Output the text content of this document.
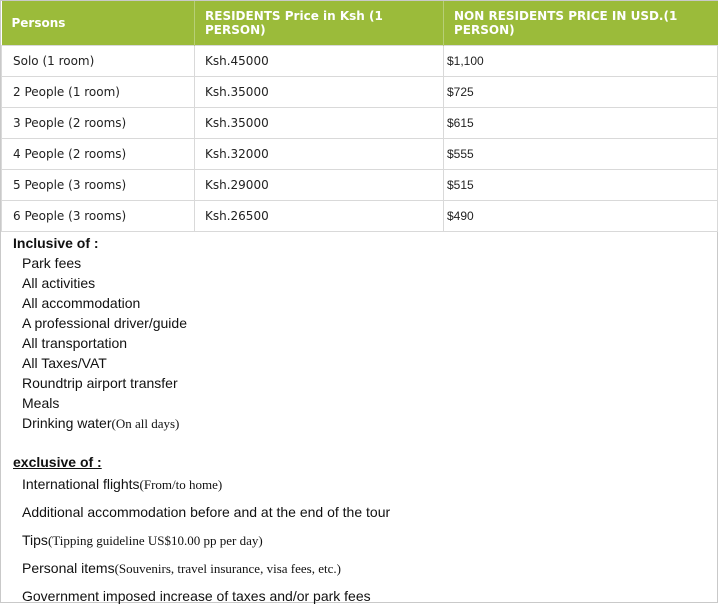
Persons	RESIDENTS Price in Ksh (1 PERSON)	NON RESIDENTS PRICE IN USD.(1 PERSON)
Solo (1 room)	Ksh.45000	$1,100
2 People (1 room)	Ksh.35000	$725
3 People (2 rooms)	Ksh.35000	$615
4 People (2 rooms)	Ksh.32000	$555
5 People (3 rooms)	Ksh.29000	$515
6 People (3 rooms)	Ksh.26500	$490
Inclusive of :
Park fees
All activities
All accommodation
A professional driver/guide
All transportation
All Taxes/VAT
Roundtrip airport transfer
Meals
Drinking water(On all days)
exclusive of :
International flights(From/to home)
Additional accommodation before and at the end of the tour
Tips(Tipping guideline US$10.00 pp per day)
Personal items(Souvenirs, travel insurance, visa fees, etc.)
Government imposed increase of taxes and/or park fees
